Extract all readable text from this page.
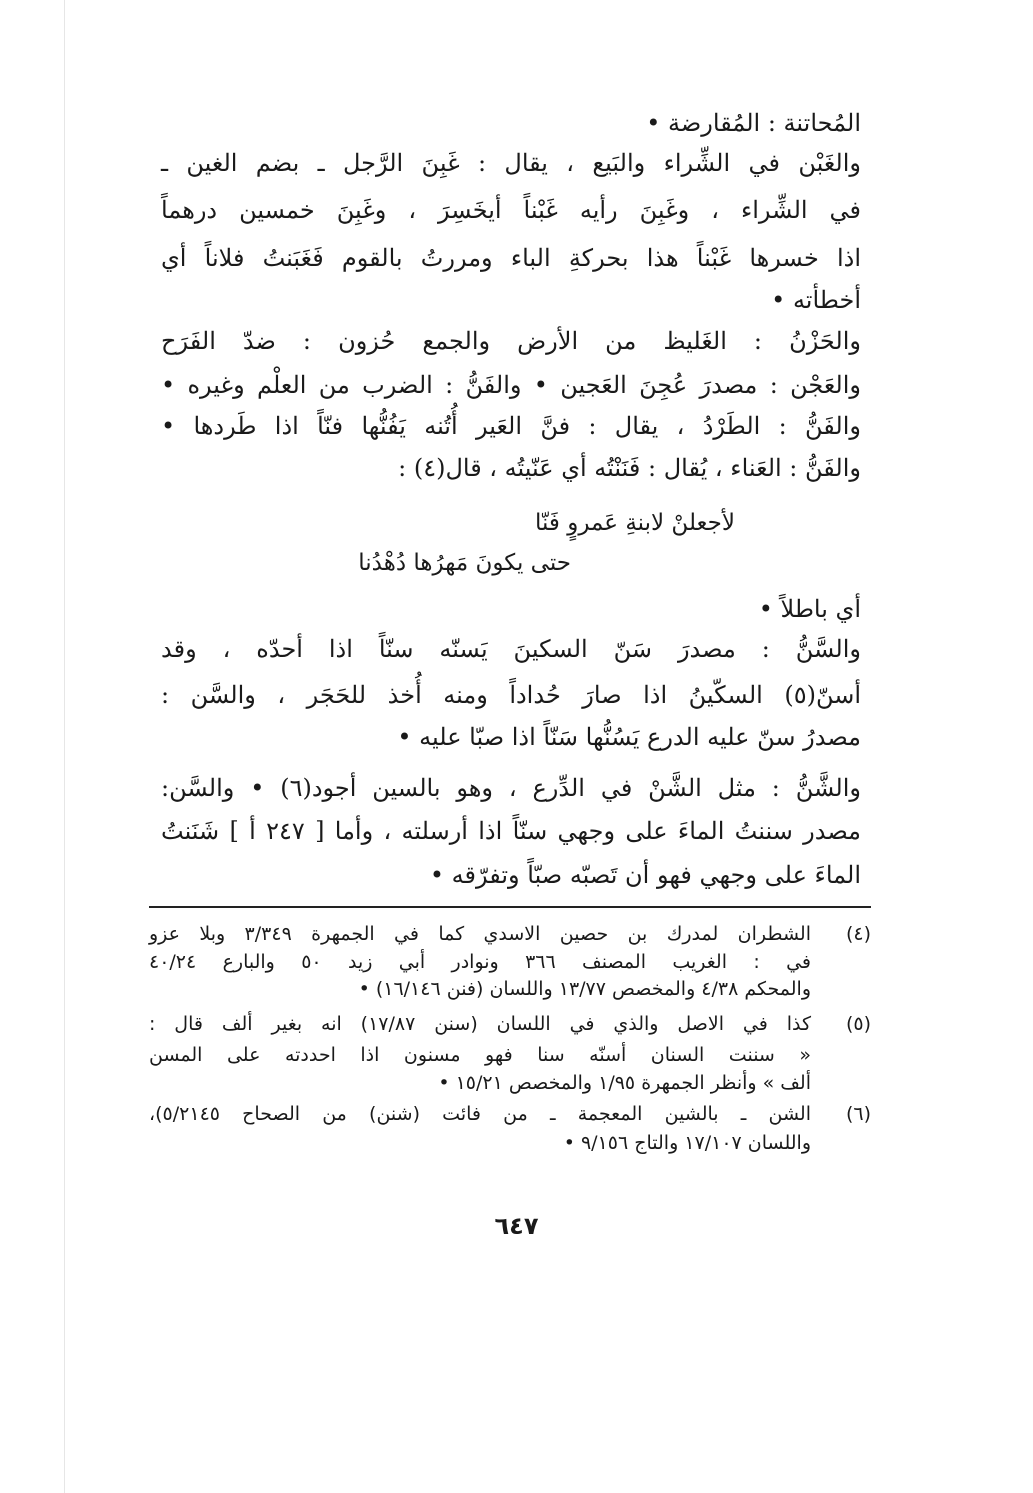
المُحاتنة : المُقارضة •
والغَبْن في الشِّراء والبَيع ، يقال : غَبِنَ الرَّجل ـ بضم الغين ـ
في الشِّراء ، وغَبِنَ رأيه غَبْناً أيخَسِرَ ، وغَبِنَ خمسين درهماً
اذا خسرها غَبْناً هذا بحركةِ الباء ومررتُ بالقوم فَغَبَنتُ فلاناً أي
أخطأته •
والحَزْنُ : الغَليظ من الأرض والجمع حُزون : ضدّ الفَرَح
والعَجْن : مصدرَ عُجِنَ العَجين • والفَنُّ : الضرب من العلْم وغيره •
والفَنُّ : الطَرْدُ ، يقال : فنَّ العَير أُتُنه يَفُنُّها فنّاً اذا طَردها •
والفَنُّ : العَناء ، يُقال : فَنَنْتُه أي عَنّيتُه ، قال(٤) :
لأجعلنْ لابنةِ عَمروٍ فَنّا
حتى يكونَ مَهرُها دُهْدُنا
أي باطلاً •
والسَّنُّ : مصدرَ سَنّ السكينَ يَسنّه سنّاً اذا أحدّه ، وقد
أسنّ(٥) السكّينُ اذا صارَ حُداداً ومنه أُخذ للحَجَر ، والسَّن :
مصدرُ سنّ عليه الدرع يَسُنُّها سَنّاً اذا صبّا عليه •
والشَّنُّ : مثل الشَّنْ في الدِّرع ، وهو بالسين أجود(٦) • والسَّن:
مصدر سننتُ الماءَ على وجهي سنّاً اذا أرسلته ، وأما [ ٢٤٧ أ ] شَنَنتُ
الماءَ على وجهي فهو أن تَصبّه صبّاً وتفرّقه •
(٤)
الشطران لمدرك بن حصين الاسدي كما في الجمهرة ٣/٣٤٩ وبلا عزو
في : الغريب المصنف ٣٦٦ ونوادر أبي زيد ٥٠ والبارع ٤٠/٢٤
والمحكم ٤/٣٨ والمخصص ١٣/٧٧ واللسان (فنن ١٦/١٤٦) •
(٥)
كذا في الاصل والذي في اللسان (سنن ١٧/٨٧) انه بغير ألف قال :
« سننت السنان أسنّه سنا فهو مسنون اذا احددته على المسن
ألف » وأنظر الجمهرة ١/٩٥ والمخصص ١٥/٢١ •
(٦)
الشن ـ بالشين المعجمة ـ من فائت (شنن) من الصحاح ٥/٢١٤٥)،
واللسان ١٧/١٠٧ والتاج ٩/١٥٦ •
٦٤٧
